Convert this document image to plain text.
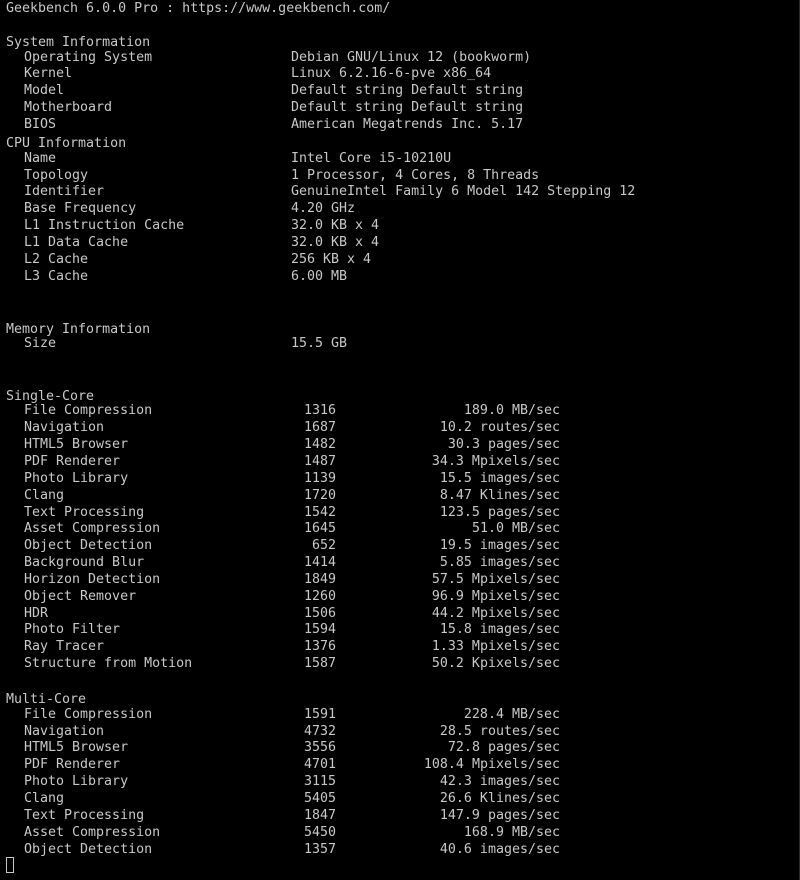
Geekbench 6.0.0 Pro : https://www.geekbench.com/
System Information
CPU Information
Memory Information
Single-Core
Multi-Core
Operating System	Debian GNU/Linux 12 (bookworm)
Kernel	Linux 6.2.16-6-pve x86_64
Model	Default string Default string
Motherboard	Default string Default string
BIOS	American Megatrends Inc. 5.17
Name	Intel Core i5-10210U
Topology	1 Processor, 4 Cores, 8 Threads
Identifier	GenuineIntel Family 6 Model 142 Stepping 12
Base Frequency	4.20 GHz
L1 Instruction Cache	32.0 KB x 4
L1 Data Cache	32.0 KB x 4
L2 Cache	256 KB x 4
L3 Cache	6.00 MB
Size	15.5 GB
File Compression	1316	189.0 MB/sec
Navigation	1687	10.2 routes/sec
HTML5 Browser	1482	30.3 pages/sec
PDF Renderer	1487	34.3 Mpixels/sec
Photo Library	1139	15.5 images/sec
Clang	1720	8.47 Klines/sec
Text Processing	1542	123.5 pages/sec
Asset Compression	1645	51.0 MB/sec
Object Detection	652	19.5 images/sec
Background Blur	1414	5.85 images/sec
Horizon Detection	1849	57.5 Mpixels/sec
Object Remover	1260	96.9 Mpixels/sec
HDR	1506	44.2 Mpixels/sec
Photo Filter	1594	15.8 images/sec
Ray Tracer	1376	1.33 Mpixels/sec
Structure from Motion	1587	50.2 Kpixels/sec
File Compression	1591	228.4 MB/sec
Navigation	4732	28.5 routes/sec
HTML5 Browser	3556	72.8 pages/sec
PDF Renderer	4701	108.4 Mpixels/sec
Photo Library	3115	42.3 images/sec
Clang	5405	26.6 Klines/sec
Text Processing	1847	147.9 pages/sec
Asset Compression	5450	168.9 MB/sec
Object Detection	1357	40.6 images/sec
